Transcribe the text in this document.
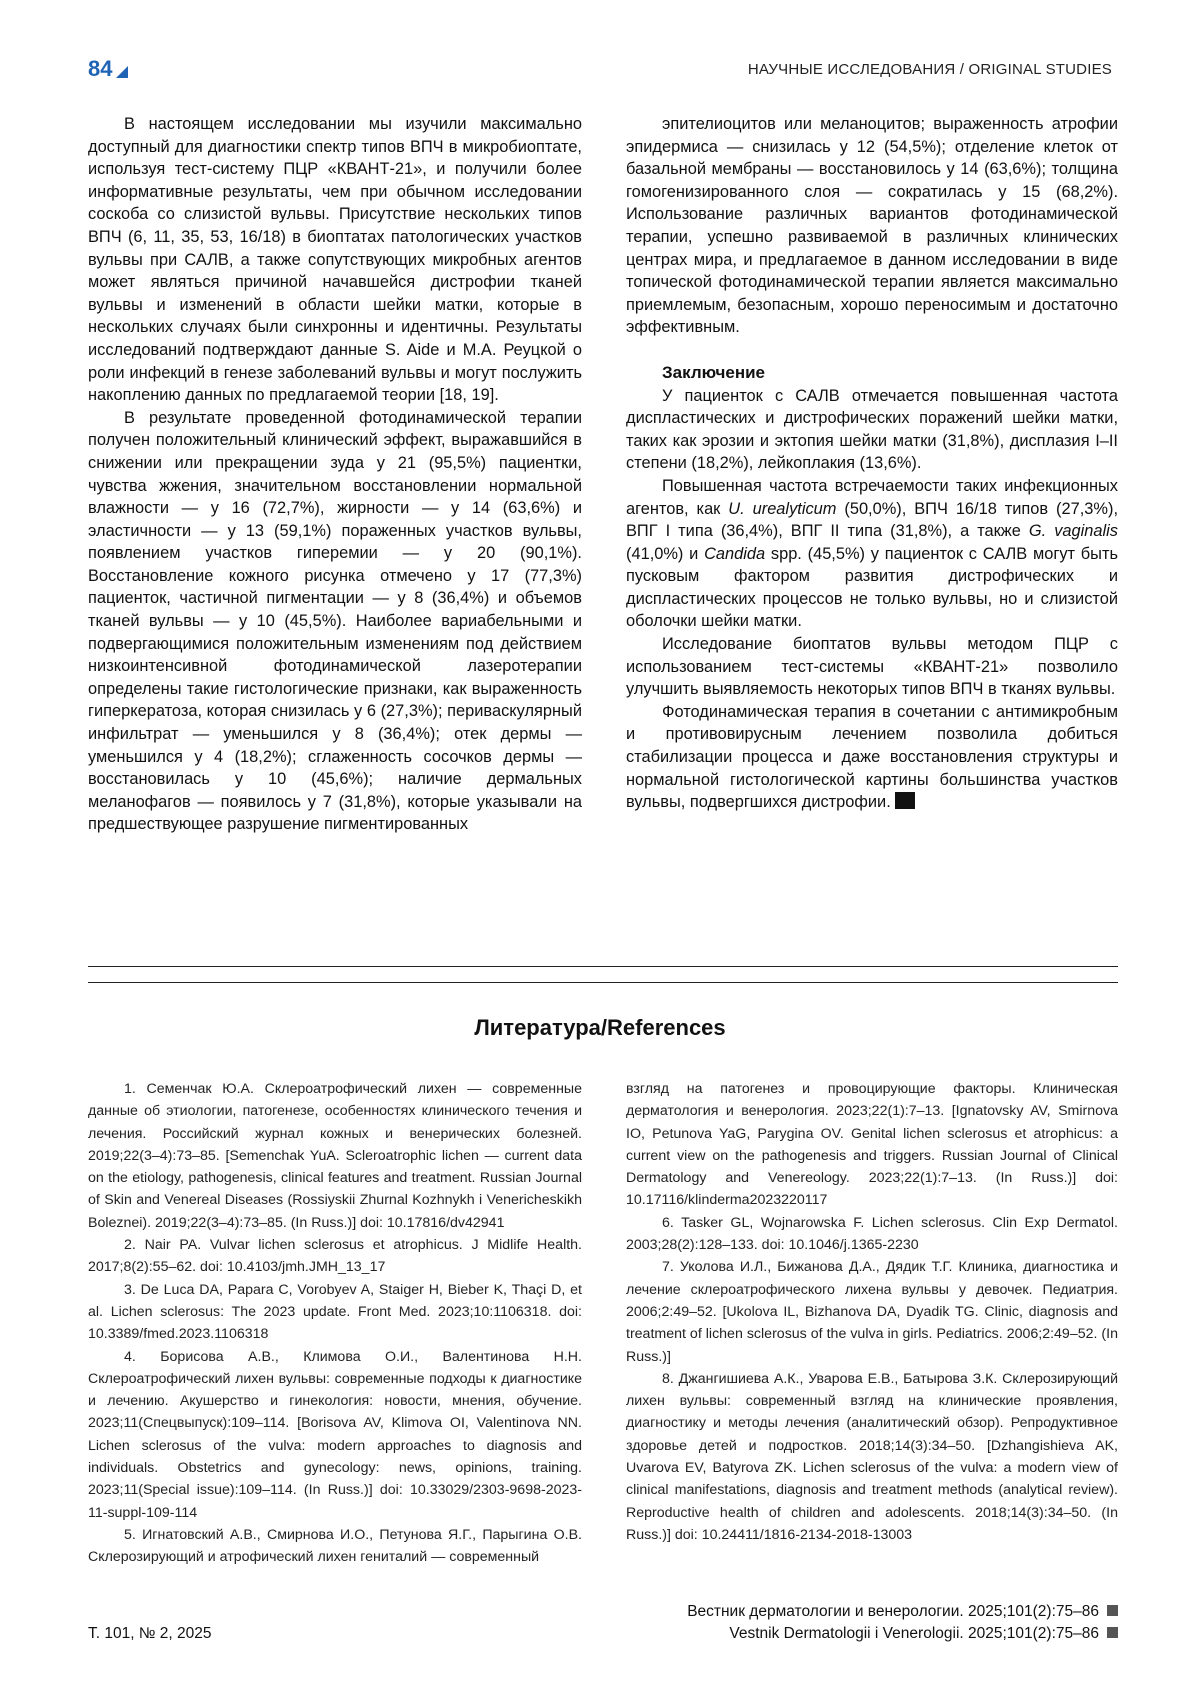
84	НАУЧНЫЕ ИССЛЕДОВАНИЯ / ORIGINAL STUDIES

В настоящем исследовании мы изучили максимально доступный для диагностики спектр типов ВПЧ в микробиоптате, используя тест-систему ПЦР «КВАНТ-21», и получили более информативные результаты, чем при обычном исследовании соскоба со слизистой вульвы. Присутствие нескольких типов ВПЧ (6, 11, 35, 53, 16/18) в биоптатах патологических участков вульвы при САЛВ, а также сопутствующих микробных агентов может являться причиной начавшейся дистрофии тканей вульвы и изменений в области шейки матки, которые в нескольких случаях были синхронны и идентичны. Результаты исследований подтверждают данные S. Aide и М.А. Реуцкой о роли инфекций в генезе заболеваний вульвы и могут послужить накоплению данных по предлагаемой теории [18, 19].

В результате проведенной фотодинамической терапии получен положительный клинический эффект, выражавшийся в снижении или прекращении зуда у 21 (95,5%) пациентки, чувства жжения, значительном восстановлении нормальной влажности — у 16 (72,7%), жирности — у 14 (63,6%) и эластичности — у 13 (59,1%) пораженных участков вульвы, появлением участков гиперемии — у 20 (90,1%). Восстановление кожного рисунка отмечено у 17 (77,3%) пациенток, частичной пигментации — у 8 (36,4%) и объемов тканей вульвы — у 10 (45,5%). Наиболее вариабельными и подвергающимися положительным изменениям под действием низкоинтенсивной фотодинамической лазеротерапии определены такие гистологические признаки, как выраженность гиперкератоза, которая снизилась у 6 (27,3%); периваскулярный инфильтрат — уменьшился у 8 (36,4%); отек дермы — уменьшился у 4 (18,2%); сглаженность сосочков дермы — восстановилась у 10 (45,6%); наличие дермальных меланофагов — появилось у 7 (31,8%), которые указывали на предшествующее разрушение пигментированных

эпителиоцитов или меланоцитов; выраженность атрофии эпидермиса — снизилась у 12 (54,5%); отделение клеток от базальной мембраны — восстановилось у 14 (63,6%); толщина гомогенизированного слоя — сократилась у 15 (68,2%). Использование различных вариантов фотодинамической терапии, успешно развиваемой в различных клинических центрах мира, и предлагаемое в данном исследовании в виде топической фотодинамической терапии является максимально приемлемым, безопасным, хорошо переносимым и достаточно эффективным.

Заключение

У пациенток с САЛВ отмечается повышенная частота диспластических и дистрофических поражений шейки матки, таких как эрозии и эктопия шейки матки (31,8%), дисплазия I–II степени (18,2%), лейкоплакия (13,6%).

Повышенная частота встречаемости таких инфекционных агентов, как U. urealyticum (50,0%), ВПЧ 16/18 типов (27,3%), ВПГ I типа (36,4%), ВПГ II типа (31,8%), а также G. vaginalis (41,0%) и Candida spp. (45,5%) у пациенток с САЛВ могут быть пусковым фактором развития дистрофических и диспластических процессов не только вульвы, но и слизистой оболочки шейки матки.

Исследование биоптатов вульвы методом ПЦР с использованием тест-системы «КВАНТ-21» позволило улучшить выявляемость некоторых типов ВПЧ в тканях вульвы.

Фотодинамическая терапия в сочетании с антимикробным и противовирусным лечением позволила добиться стабилизации процесса и даже восстановления структуры и нормальной гистологической картины большинства участков вульвы, подвергшихся дистрофии.

Литература/References

1. Семенчак Ю.А. Склероатрофический лихен — современные данные об этиологии, патогенезе, особенностях клинического течения и лечения. Российский журнал кожных и венерических болезней. 2019;22(3–4):73–85. [Semenchak YuA. Scleroatrophic lichen — current data on the etiology, pathogenesis, clinical features and treatment. Russian Journal of Skin and Venereal Diseases (Rossiyskii Zhurnal Kozhnykh i Venericheskikh Boleznei). 2019;22(3–4):73–85. (In Russ.)] doi: 10.17816/dv42941

2. Nair PA. Vulvar lichen sclerosus et atrophicus. J Midlife Health. 2017;8(2):55–62. doi: 10.4103/jmh.JMH_13_17

3. De Luca DA, Papara C, Vorobyev A, Staiger H, Bieber K, Thaçi D, et al. Lichen sclerosus: The 2023 update. Front Med. 2023;10:1106318. doi: 10.3389/fmed.2023.1106318

4. Борисова А.В., Климова О.И., Валентинова Н.Н. Склероатрофический лихен вульвы: современные подходы к диагностике и лечению. Акушерство и гинекология: новости, мнения, обучение. 2023;11(Спецвыпуск):109–114. [Borisova AV, Klimova OI, Valentinova NN. Lichen sclerosus of the vulva: modern approaches to diagnosis and individuals. Obstetrics and gynecology: news, opinions, training. 2023;11(Special issue):109–114. (In Russ.)] doi: 10.33029/2303-9698-2023-11-suppl-109-114

5. Игнатовский А.В., Смирнова И.О., Петунова Я.Г., Парыгина О.В. Склерозирующий и атрофический лихен гениталий — современный

взгляд на патогенез и провоцирующие факторы. Клиническая дерматология и венерология. 2023;22(1):7–13. [Ignatovsky AV, Smirnova IO, Petunova YaG, Parygina OV. Genital lichen sclerosus et atrophicus: a current view on the pathogenesis and triggers. Russian Journal of Clinical Dermatology and Venereology. 2023;22(1):7–13. (In Russ.)] doi: 10.17116/klinderma2023220117

6. Tasker GL, Wojnarowska F. Lichen sclerosus. Clin Exp Dermatol. 2003;28(2):128–133. doi: 10.1046/j.1365-2230

7. Уколова И.Л., Бижанова Д.А., Дядик Т.Г. Клиника, диагностика и лечение склероатрофического лихена вульвы у девочек. Педиатрия. 2006;2:49–52. [Ukolova IL, Bizhanova DA, Dyadik TG. Clinic, diagnosis and treatment of lichen sclerosus of the vulva in girls. Pediatrics. 2006;2:49–52. (In Russ.)]

8. Джангишиева А.К., Уварова Е.В., Батырова З.К. Склерозирующий лихен вульвы: современный взгляд на клинические проявления, диагностику и методы лечения (аналитический обзор). Репродуктивное здоровье детей и подростков. 2018;14(3):34–50. [Dzhangishieva AK, Uvarova EV, Batyrova ZK. Lichen sclerosus of the vulva: a modern view of clinical manifestations, diagnosis and treatment methods (analytical review). Reproductive health of children and adolescents. 2018;14(3):34–50. (In Russ.)] doi: 10.24411/1816-2134-2018-13003

Т. 101, № 2, 2025
Вестник дерматологии и венерологии. 2025;101(2):75–86
Vestnik Dermatologii i Venerologii. 2025;101(2):75–86
